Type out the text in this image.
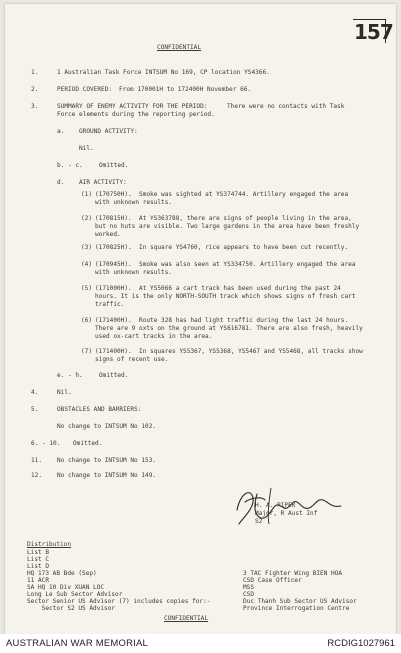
CONFIDENTIAL
157
1.	1 Australian Task Force INTSUM No 169, CP location YS4366.
2.	PERIOD COVERED: From 170001H to 172400H November 66.
3.	SUMMARY OF ENEMY ACTIVITY FOR THE PERIOD:	There were no contacts with Task
Force elements during the reporting period.
a. GROUND ACTIVITY:
Nil.
b. - c.	Omitted.
d. AIR ACTIVITY:
(1) (170750H). Smoke was sighted at YS374744. Artillery engaged the area with unknown results.
(2) (170815H). At YS363788, there are signs of people living in the area, but no huts are visible. Two large gardens in the area have been freshly worked.
(3) (170825H). In square YS4760, rice appears to have been cut recently.
(4) (170945H). Smoke was also seen at YS334750. Artillery engaged the area with unknown results.
(5) (171000H). At YS5066 a cart track has been used during the past 24 hours. It is the only NORTH-SOUTH track which shows signs of fresh cart traffic.
(6) (171400H). Route 328 has had light traffic during the last 24 hours. There are 9 oxts on the ground at YS616781. There are also fresh, heavily used ox-cart tracks in the area.
(7) (171400H). In squares YS5367, YS5368, YS5467 and YS5468, all tracks show signs of recent use.
e. - h.	Omitted.
4.	Nil.
5.	OBSTACLES AND BARRIERS:
No change to INTSUM No 102.
6. - 10. Omitted.
11. No change to INTSUM No 153.
12. No change to INTSUM No 149.
H. A. PIPER
Major, R Aust Inf
S2
Distribution
List B
List C
List D
HQ 173 AB Bde (Sep)
11 ACR
SA HQ 10 Div XUAN LOC
Long Le Sub Sector Advisor
Sector Senior US Advisor (7) includes copies for:-
Sector S2 US Advisor
3 TAC Fighter Wing BIEN HOA
CSD Case Officer
MSS
CSD
Duc Thanh Sub Sector US Advisor
Province Interrogation Centre
CONFIDENTIAL
AUSTRALIAN WAR MEMORIAL	RCDIG1027961
